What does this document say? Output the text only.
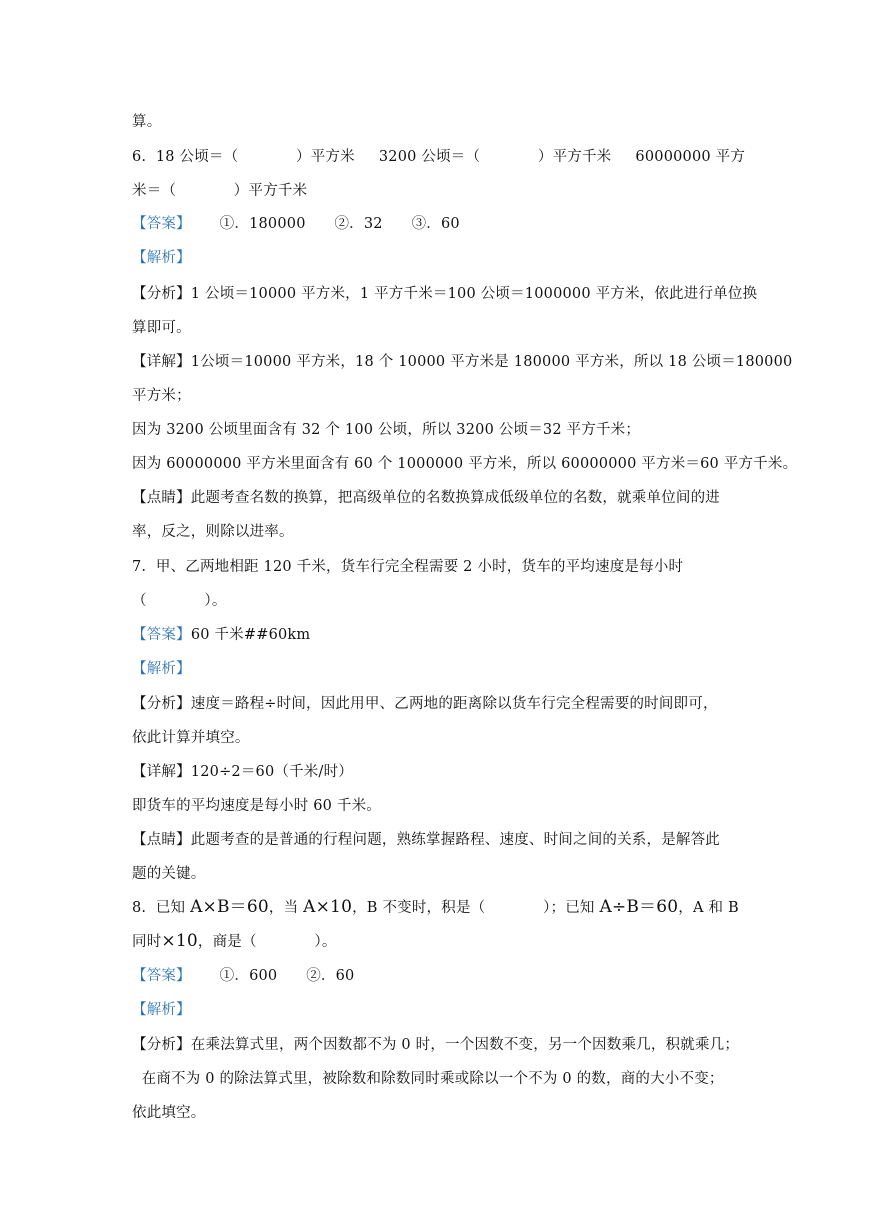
算。
6.  18 公顷＝（            ）平方米     3200 公顷＝（            ）平方千米     60000000 平方
米＝（            ）平方千米
【答案】      ①．180000      ②．32      ③．60
【解析】
【分析】1 公顷＝10000 平方米，1 平方千米＝100 公顷＝1000000 平方米，依此进行单位换
算即可。
【详解】1公顷＝10000 平方米，18 个 10000 平方米是 180000 平方米，所以 18 公顷＝180000
平方米；
因为 3200 公顷里面含有 32 个 100 公顷，所以 3200 公顷＝32 平方千米；
因为 60000000 平方米里面含有 60 个 1000000 平方米，所以 60000000 平方米＝60 平方千米。
【点睛】此题考查名数的换算，把高级单位的名数换算成低级单位的名数，就乘单位间的进
率，反之，则除以进率。
7.  甲、乙两地相距 120 千米，货车行完全程需要 2 小时，货车的平均速度是每小时
（            ）。
【答案】60 千米##60km
【解析】
【分析】速度＝路程÷时间，因此用甲、乙两地的距离除以货车行完全程需要的时间即可，
依此计算并填空。
【详解】120÷2＝60（千米/时）
即货车的平均速度是每小时 60 千米。
【点睛】此题考查的是普通的行程问题，熟练掌握路程、速度、时间之间的关系，是解答此
题的关键。
8.  已知 A×B＝60，当 A×10，B 不变时，积是（            ）；已知 A÷B＝60，A 和 B
同时×10，商是（            ）。
【答案】      ①．600      ②．60
【解析】
【分析】在乘法算式里，两个因数都不为 0 时，一个因数不变，另一个因数乘几，积就乘几；
在商不为 0 的除法算式里，被除数和除数同时乘或除以一个不为 0 的数，商的大小不变；
依此填空。
